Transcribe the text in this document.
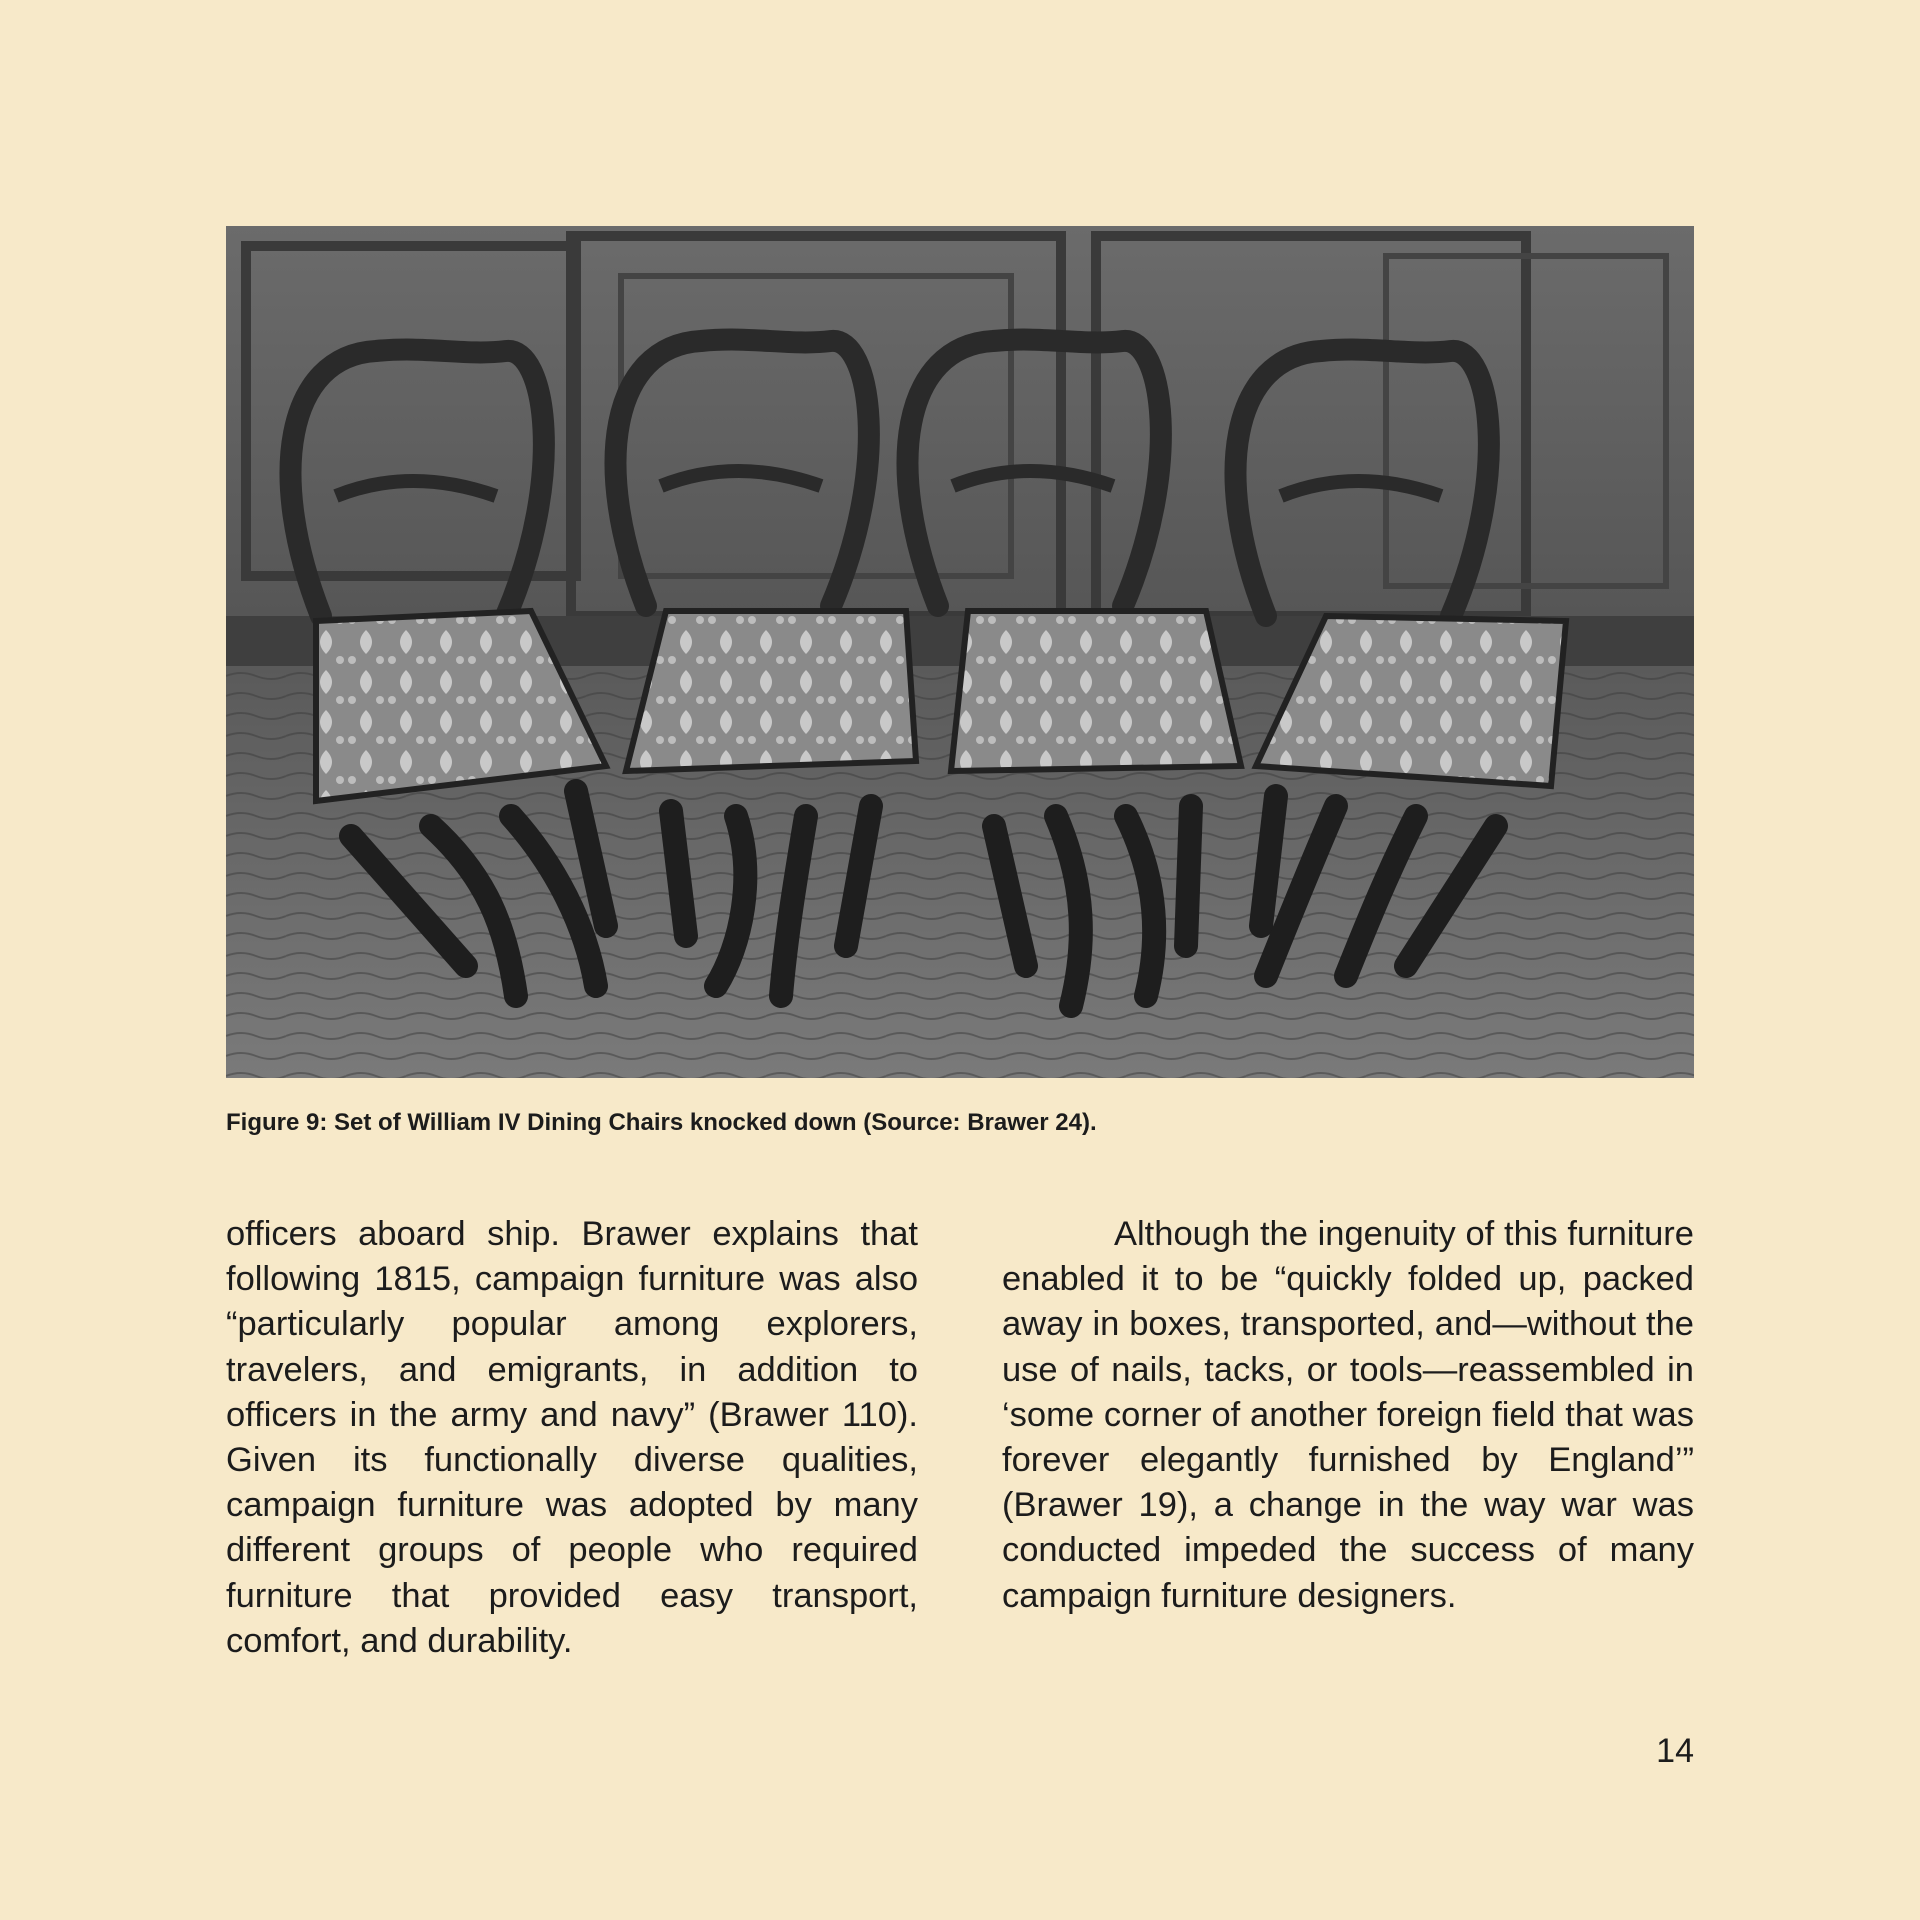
Figure 9: Set of William IV Dining Chairs knocked down (Source: Brawer 24).

officers aboard ship. Brawer explains that following 1815, campaign furniture was also “particularly popular among explorers, travelers, and emigrants, in addition to officers in the army and navy” (Brawer 110). Given its functionally diverse qualities, campaign furniture was adopted by many different groups of people who required furniture that provided easy transport, comfort, and durability.

Although the ingenuity of this furniture enabled it to be “quickly folded up, packed away in boxes, transported, and—without the use of nails, tacks, or tools—reassembled in ‘some corner of another foreign field that was forever elegantly furnished by England’” (Brawer 19), a change in the way war was conducted impeded the success of many campaign furniture designers.

14
